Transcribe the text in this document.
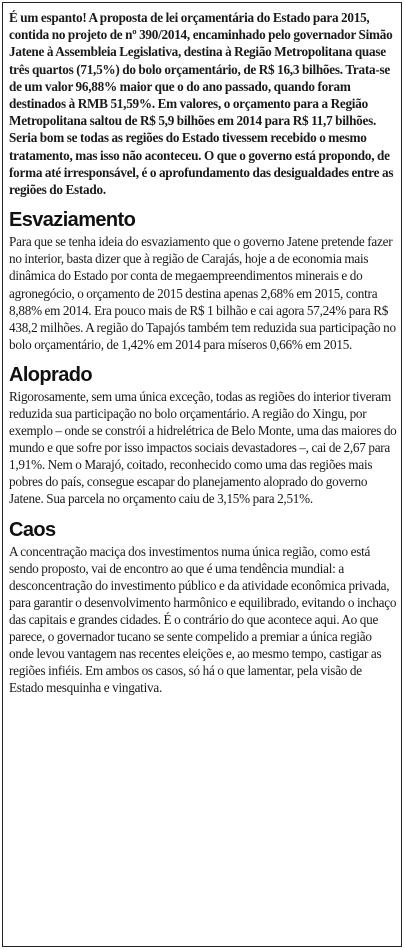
É um espanto! A proposta de lei orçamentária do Estado para 2015, contida no projeto de nº 390/2014, encaminhado pelo governador Simão Jatene à Assembleia Legislativa, destina à Região Metropolitana quase três quartos (71,5%) do bolo orçamentário, de R$ 16,3 bilhões. Trata-se de um valor 96,88% maior que o do ano passado, quando foram destinados à RMB 51,59%. Em valores, o orçamento para a Região Metropolitana saltou de R$ 5,9 bilhões em 2014 para R$ 11,7 bilhões. Seria bom se todas as regiões do Estado tivessem recebido o mesmo tratamento, mas isso não aconteceu. O que o governo está propondo, de forma até irresponsável, é o aprofundamento das desigualdades entre as regiões do Estado.

Esvaziamento

Para que se tenha ideia do esvaziamento que o governo Jatene pretende fazer no interior, basta dizer que à região de Carajás, hoje a de economia mais dinâmica do Estado por conta de megaempreendimentos minerais e do agronegócio, o orçamento de 2015 destina apenas 2,68% em 2015, contra 8,88% em 2014. Era pouco mais de R$ 1 bilhão e cai agora 57,24% para R$ 438,2 milhões. A região do Tapajós também tem reduzida sua participação no bolo orçamentário, de 1,42% em 2014 para míseros 0,66% em 2015.

Aloprado

Rigorosamente, sem uma única exceção, todas as regiões do interior tiveram reduzida sua participação no bolo orçamentário. A região do Xingu, por exemplo – onde se constrói a hidrelétrica de Belo Monte, uma das maiores do mundo e que sofre por isso impactos sociais devastadores –, cai de 2,67 para 1,91%. Nem o Marajó, coitado, reconhecido como uma das regiões mais pobres do país, consegue escapar do planejamento aloprado do governo Jatene. Sua parcela no orçamento caiu de 3,15% para 2,51%.

Caos

A concentração maciça dos investimentos numa única região, como está sendo proposto, vai de encontro ao que é uma tendência mundial: a desconcentração do investimento público e da atividade econômica privada, para garantir o desenvolvimento harmônico e equilibrado, evitando o inchaço das capitais e grandes cidades. É o contrário do que acontece aqui. Ao que parece, o governador tucano se sente compelido a premiar a única região onde levou vantagem nas recentes eleições e, ao mesmo tempo, castigar as regiões infiéis. Em ambos os casos, só há o que lamentar, pela visão de Estado mesquinha e vingativa.
